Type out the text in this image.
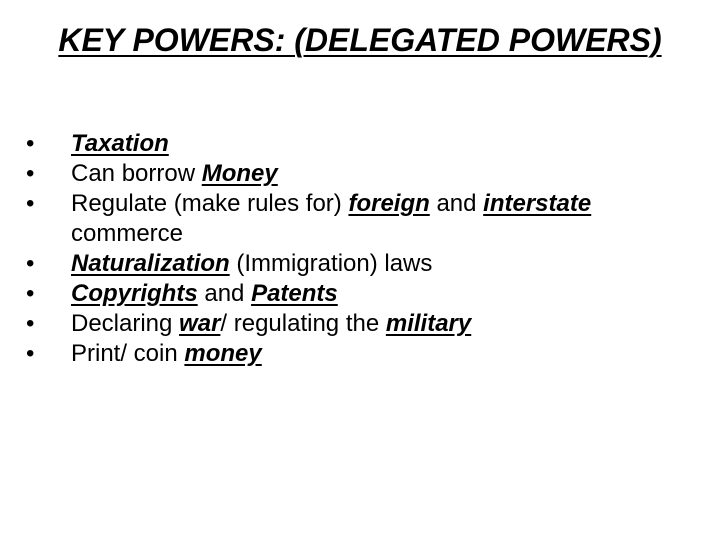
KEY POWERS: (DELEGATED POWERS)
•	Taxation
•	Can borrow Money
•	Regulate (make rules for) foreign and interstate commerce
•	Naturalization (Immigration) laws
•	Copyrights and Patents
•	Declaring war/ regulating the military
•	Print/ coin money
